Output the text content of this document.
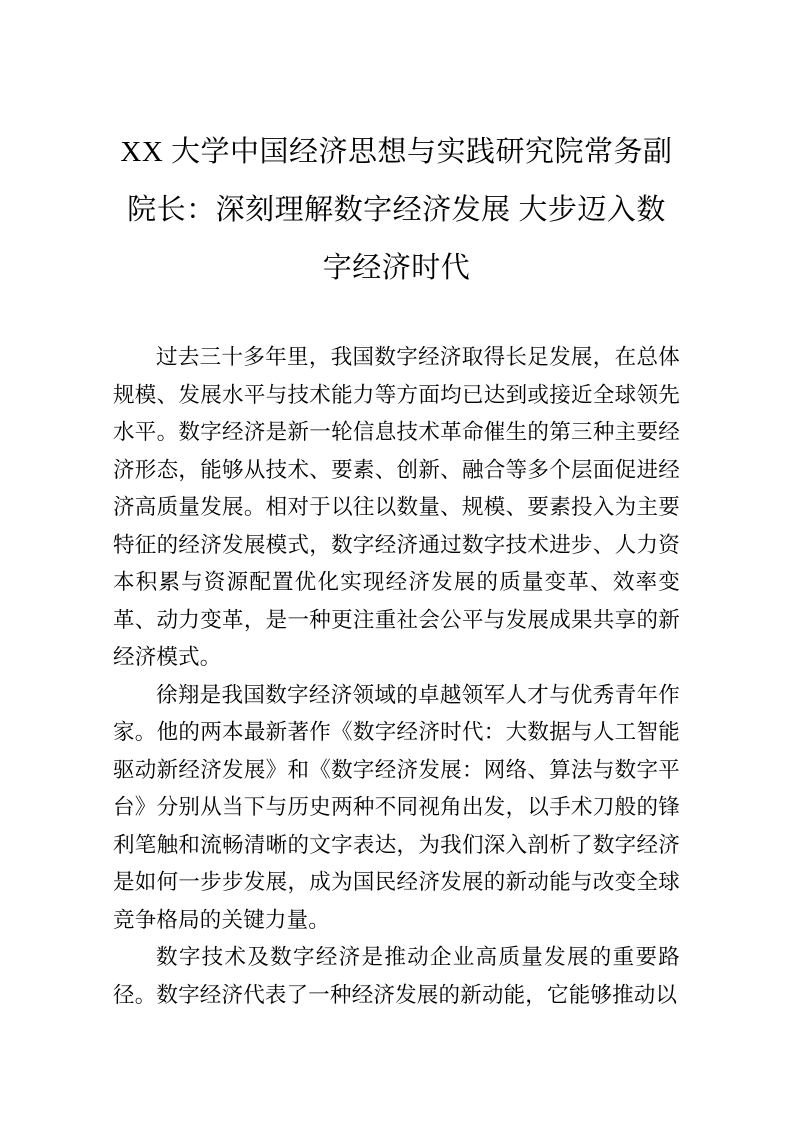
XX 大学中国经济思想与实践研究院常务副
院长：深刻理解数字经济发展 大步迈入数
字经济时代

过去三十多年里，我国数字经济取得长足发展，在总体规模、发展水平与技术能力等方面均已达到或接近全球领先水平。数字经济是新一轮信息技术革命催生的第三种主要经济形态，能够从技术、要素、创新、融合等多个层面促进经济高质量发展。相对于以往以数量、规模、要素投入为主要特征的经济发展模式，数字经济通过数字技术进步、人力资本积累与资源配置优化实现经济发展的质量变革、效率变革、动力变革，是一种更注重社会公平与发展成果共享的新经济模式。

徐翔是我国数字经济领域的卓越领军人才与优秀青年作家。他的两本最新著作《数字经济时代：大数据与人工智能驱动新经济发展》和《数字经济发展：网络、算法与数字平台》分别从当下与历史两种不同视角出发，以手术刀般的锋利笔触和流畅清晰的文字表达，为我们深入剖析了数字经济是如何一步步发展，成为国民经济发展的新动能与改变全球竞争格局的关键力量。

数字技术及数字经济是推动企业高质量发展的重要路径。数字经济代表了一种经济发展的新动能，它能够推动以
